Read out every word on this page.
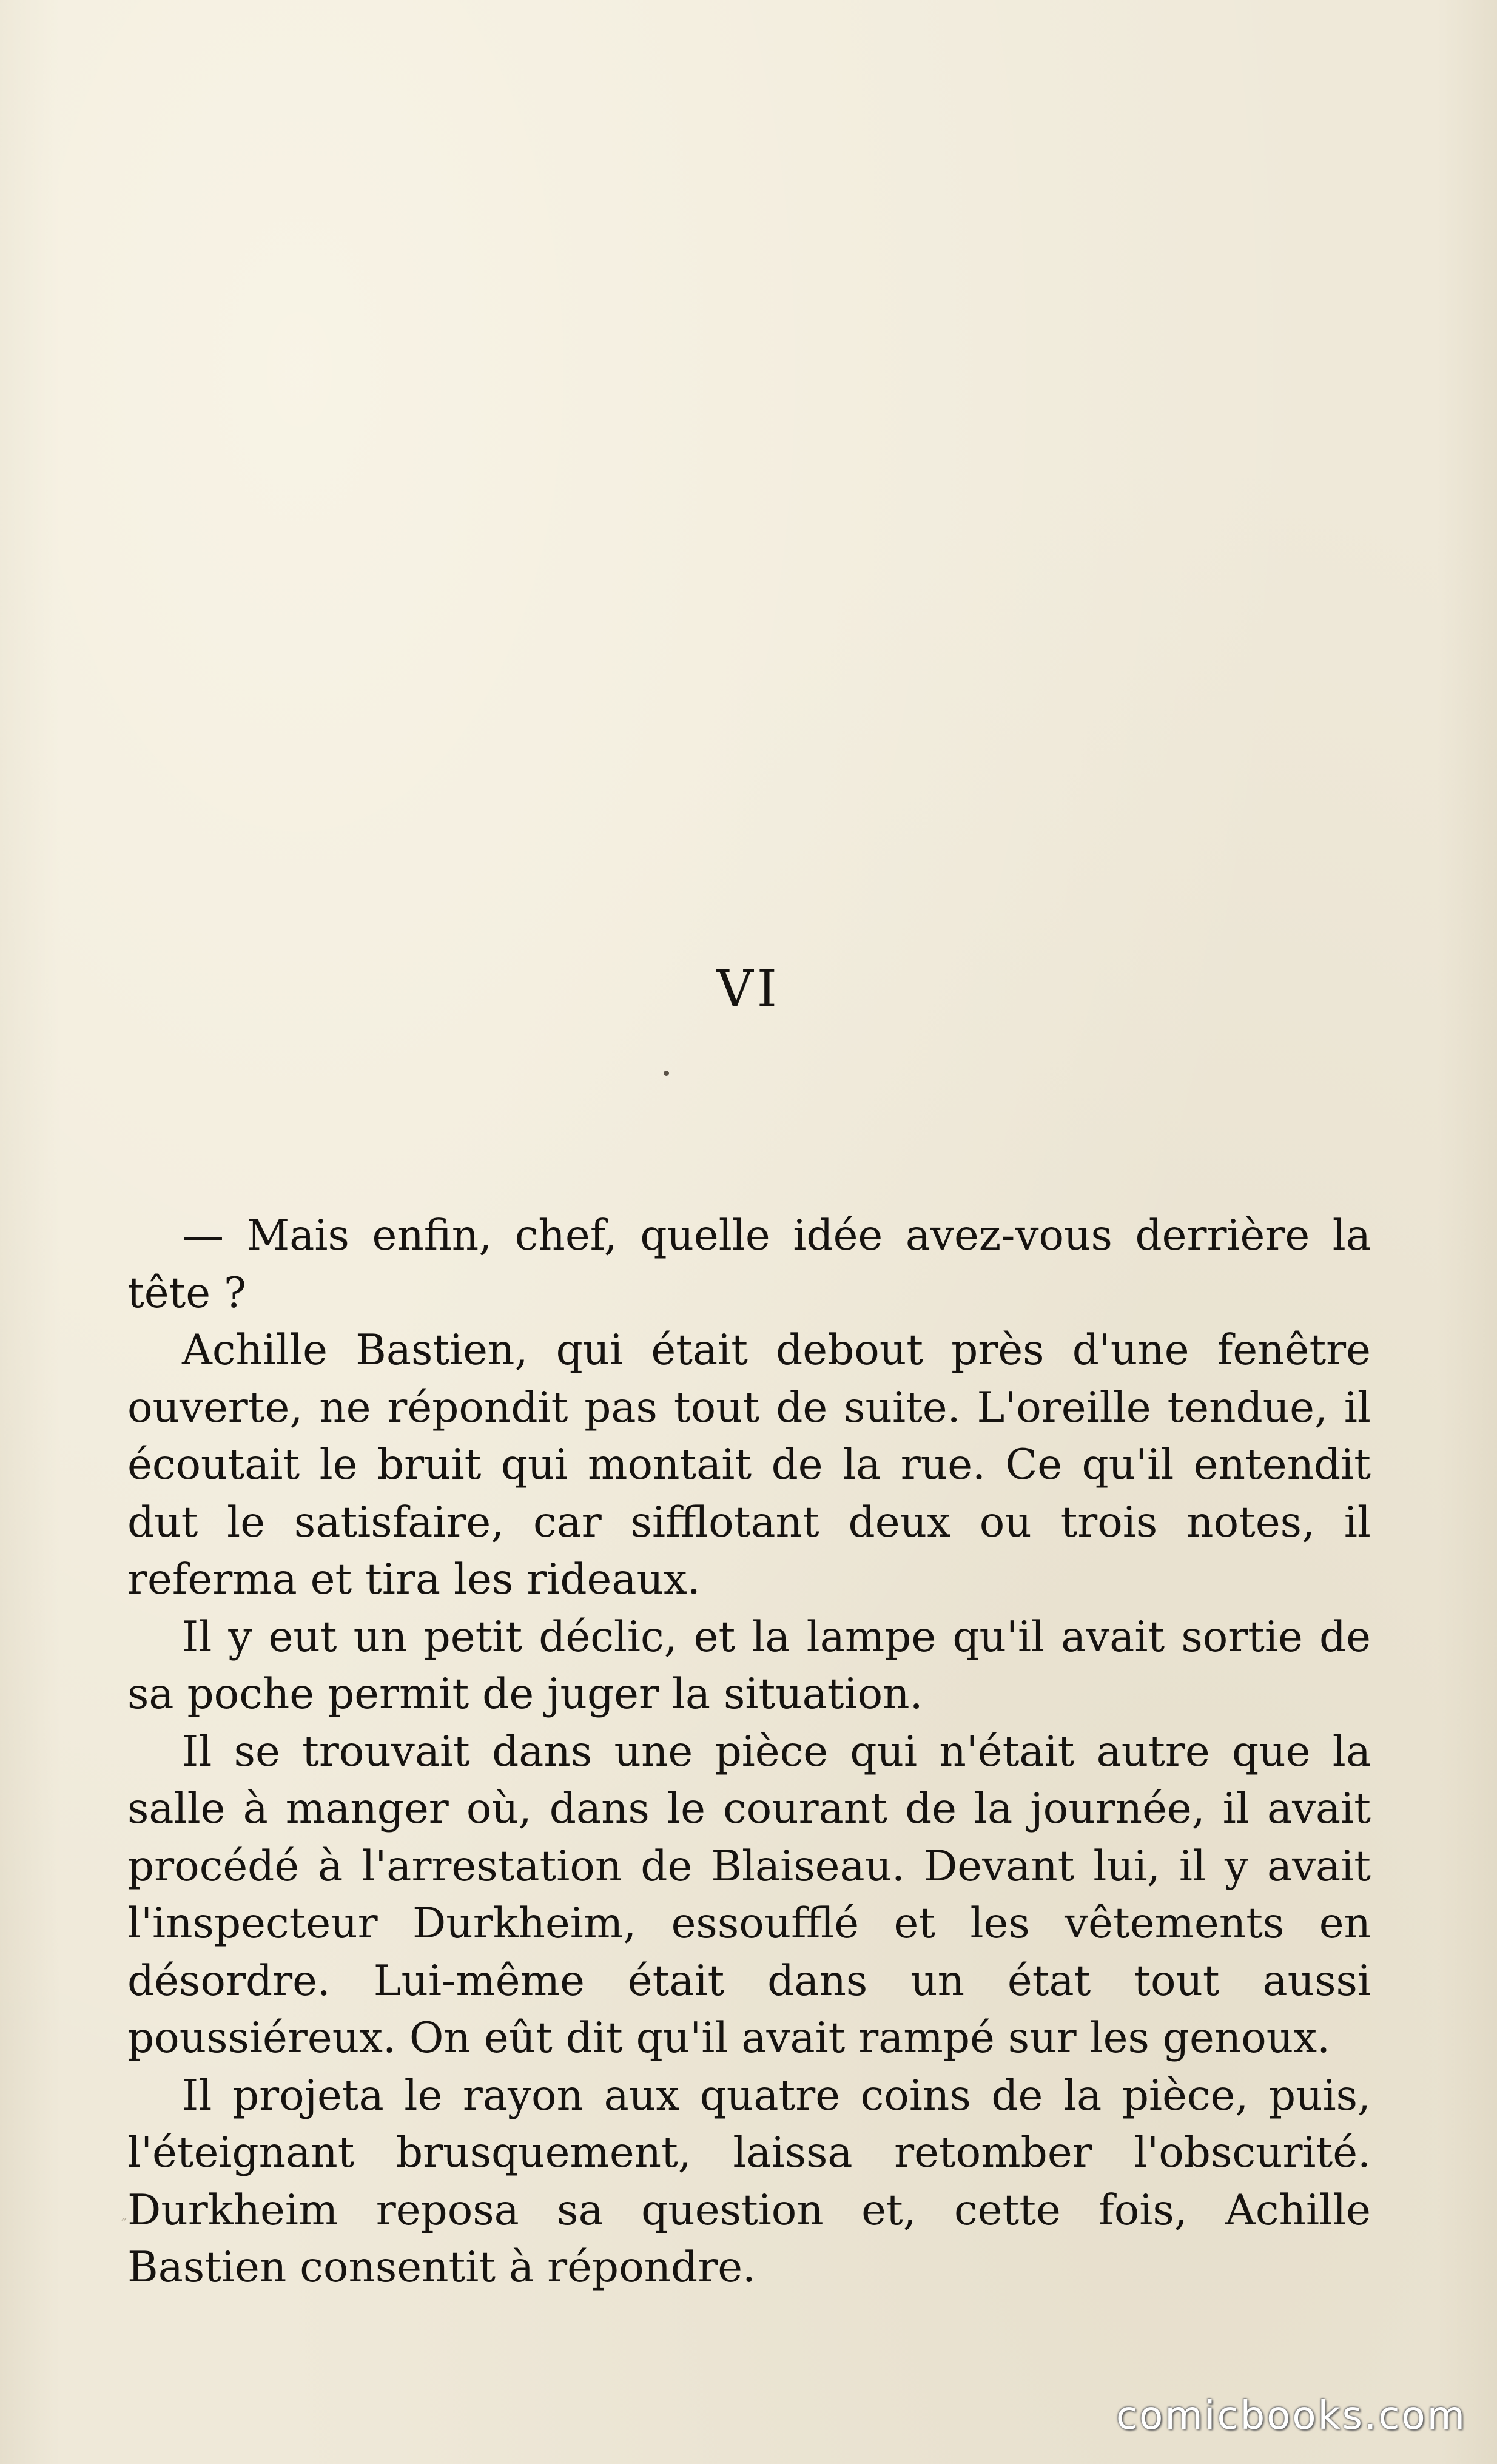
VI

— Mais enfin, chef, quelle idée avez-vous derrière la tête ?

Achille Bastien, qui était debout près d'une fenêtre ouverte, ne répondit pas tout de suite. L'oreille tendue, il écoutait le bruit qui montait de la rue. Ce qu'il entendit dut le satisfaire, car sifflotant deux ou trois notes, il referma et tira les rideaux.

Il y eut un petit déclic, et la lampe qu'il avait sortie de sa poche permit de juger la situation.

Il se trouvait dans une pièce qui n'était autre que la salle à manger où, dans le courant de la journée, il avait procédé à l'arrestation de Blaiseau. Devant lui, il y avait l'inspecteur Durkheim, essoufflé et les vêtements en désordre. Lui-même était dans un état tout aussi poussiéreux. On eût dit qu'il avait rampé sur les genoux.

Il projeta le rayon aux quatre coins de la pièce, puis, l'éteignant brusquement, laissa retomber l'obscurité. Durkheim reposa sa question et, cette fois, Achille Bastien consentit à répondre.

″
comicbooks.com
